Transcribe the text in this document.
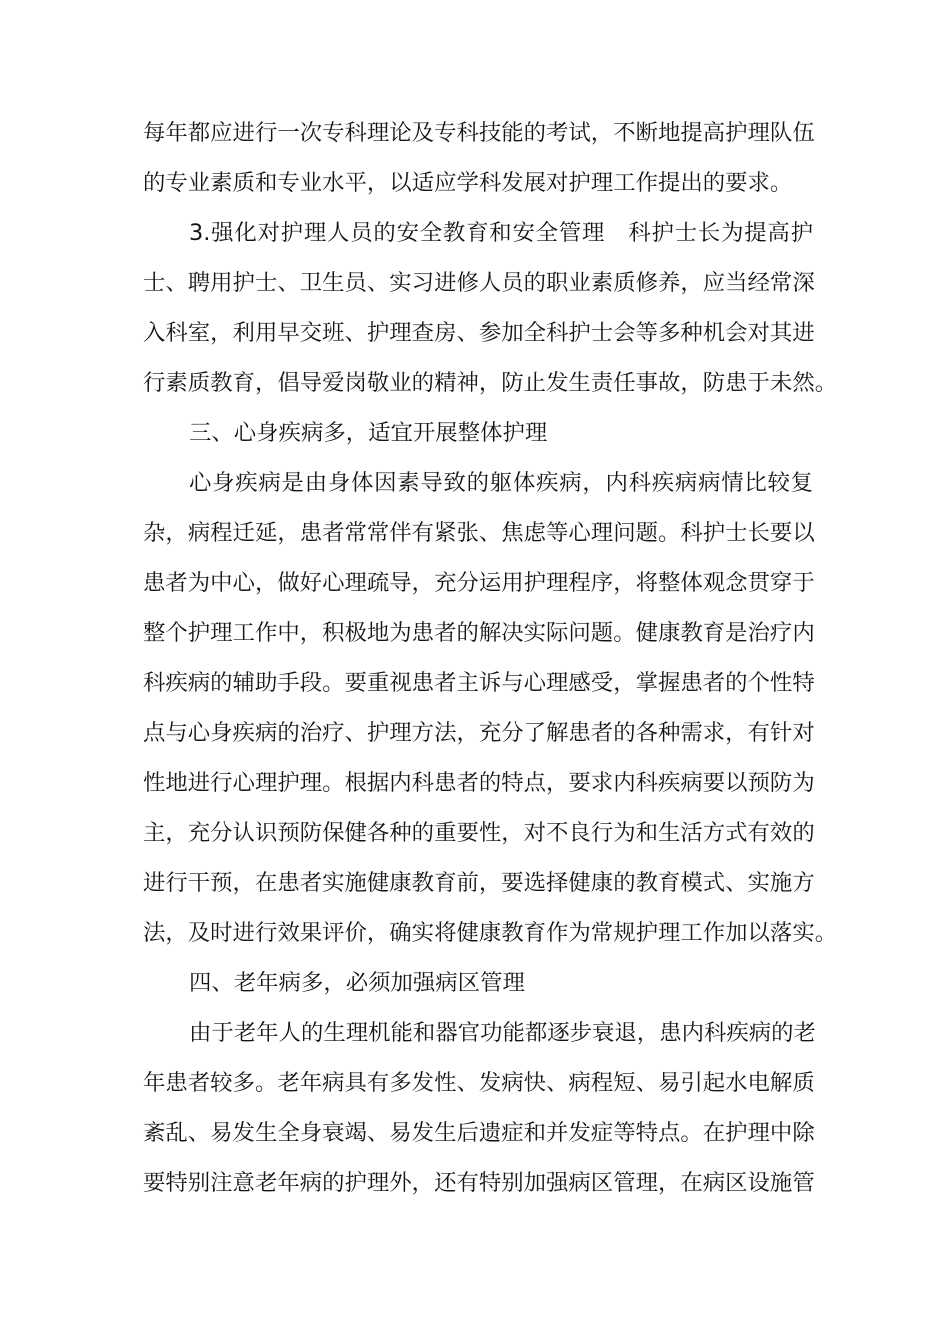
每年都应进行一次专科理论及专科技能的考试，不断地提高护理队伍
的专业素质和专业水平，以适应学科发展对护理工作提出的要求。
3.强化对护理人员的安全教育和安全管理　科护士长为提高护
士、聘用护士、卫生员、实习进修人员的职业素质修养，应当经常深
入科室，利用早交班、护理查房、参加全科护士会等多种机会对其进
行素质教育，倡导爱岗敬业的精神，防止发生责任事故，防患于未然。
三、心身疾病多，适宜开展整体护理
心身疾病是由身体因素导致的躯体疾病，内科疾病病情比较复
杂，病程迁延，患者常常伴有紧张、焦虑等心理问题。科护士长要以
患者为中心，做好心理疏导，充分运用护理程序，将整体观念贯穿于
整个护理工作中，积极地为患者的解决实际问题。健康教育是治疗内
科疾病的辅助手段。要重视患者主诉与心理感受，掌握患者的个性特
点与心身疾病的治疗、护理方法，充分了解患者的各种需求，有针对
性地进行心理护理。根据内科患者的特点，要求内科疾病要以预防为
主，充分认识预防保健各种的重要性，对不良行为和生活方式有效的
进行干预，在患者实施健康教育前，要选择健康的教育模式、实施方
法，及时进行效果评价，确实将健康教育作为常规护理工作加以落实。
四、老年病多，必须加强病区管理
由于老年人的生理机能和器官功能都逐步衰退，患内科疾病的老
年患者较多。老年病具有多发性、发病快、病程短、易引起水电解质
紊乱、易发生全身衰竭、易发生后遗症和并发症等特点。在护理中除
要特别注意老年病的护理外，还有特别加强病区管理，在病区设施管
